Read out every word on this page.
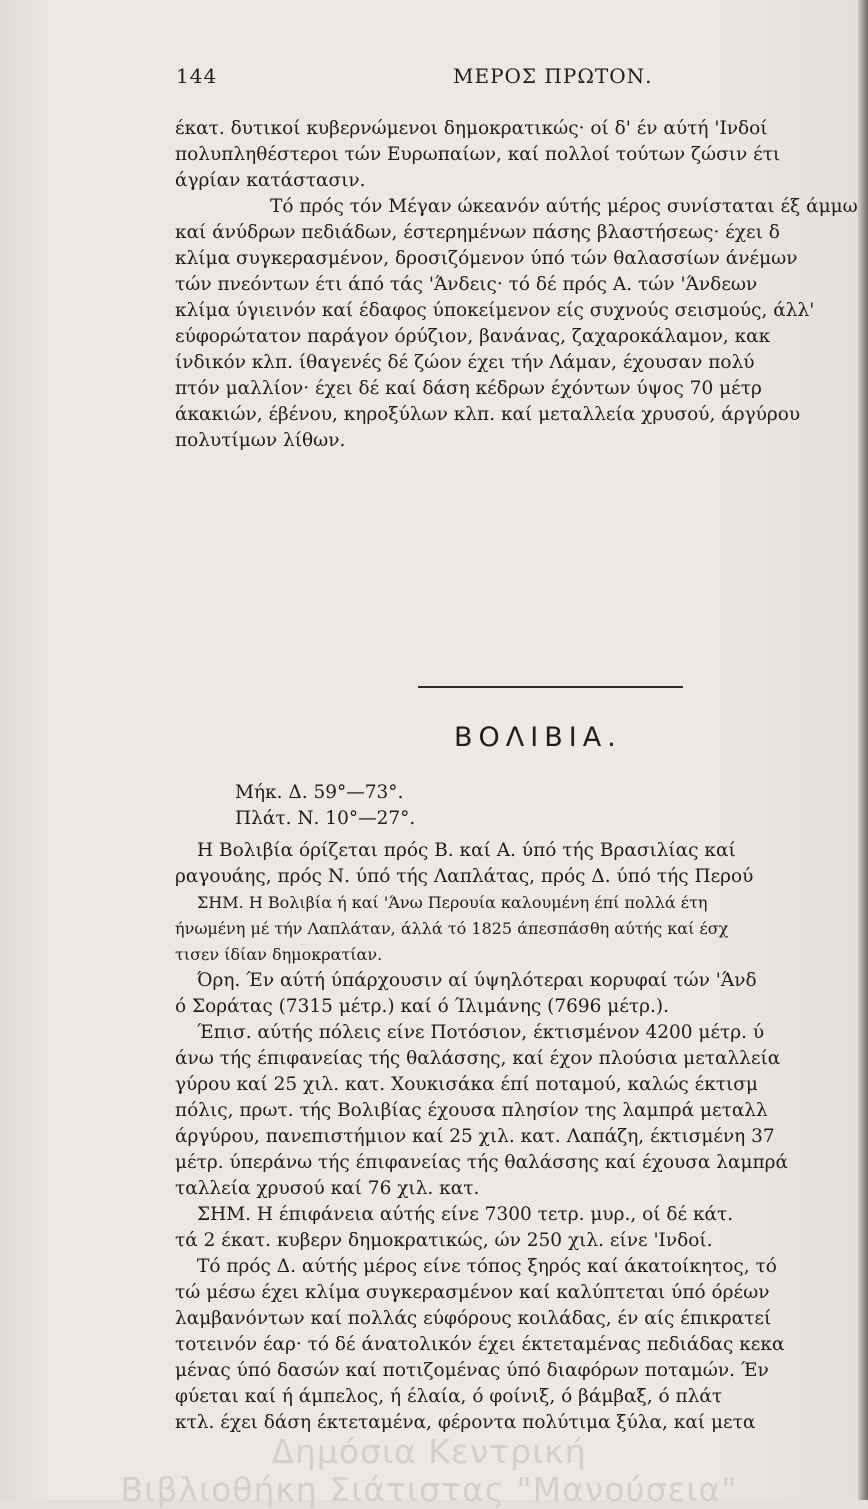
144	ΜΕΡΟΣ ΠΡΩΤΟΝ.
έκατ. δυτικοί κυβερνώμενοι δημοκρατικώς· οί δ' έν αύτή 'Ινδοί
πολυπληθέστεροι τών Ευρωπαίων, καί πολλοί τούτων ζώσιν έτι
άγρίαν κατάστασιν.
Τό πρός τόν Μέγαν ώκεανόν αύτής μέρος συνίσταται έξ άμμω
καί άνύδρων πεδιάδων, έστερημένων πάσης βλαστήσεως· έχει δ
κλίμα συγκερασμένον, δροσιζόμενον ύπό τών θαλασσίων άνέμων
τών πνεόντων έτι άπό τάς 'Άνδεις· τό δέ πρός Α. τών 'Άνδεων
κλίμα ύγιεινόν καί έδαφος ύποκείμενον είς συχνούς σεισμούς, άλλ'
εύφορώτατον παράγον όρύζιον, βανάνας, ζαχαροκάλαμον, κακ
ίνδικόν κλπ. ίθαγενές δέ ζώον έχει τήν Λάμαν, έχουσαν πολύ
πτόν μαλλίον· έχει δέ καί δάση κέδρων έχόντων ύψος 70 μέτρ
άκακιών, έβένου, κηροξύλων κλπ. καί μεταλλεία χρυσού, άργύρου
πολυτίμων λίθων.
ΒΟΛΙΒΙΑ.
Μήκ. Δ. 59°—73°.
Πλάτ. Ν. 10°—27°.
Η Βολιβία όρίζεται πρός Β. καί Α. ύπό τής Βρασιλίας καί
ραγουάης, πρός Ν. ύπό τής Λαπλάτας, πρός Δ. ύπό τής Περού
ΣΗΜ. Η Βολιβία ή καί 'Άνω Περουία καλουμένη έπί πολλά έτη
ήνωμένη μέ τήν Λαπλάταν, άλλά τό 1825 άπεσπάσθη αύτής καί έσχ
τισεν ίδίαν δημοκρατίαν.
Όρη. Έν αύτή ύπάρχουσιν αί ύψηλότεραι κορυφαί τών 'Άνδ
ό Σοράτας (7315 μέτρ.) καί ό Ίλιμάνης (7696 μέτρ.).
Έπισ. αύτής πόλεις είνε Ποτόσιον, έκτισμένον 4200 μέτρ. ύ
άνω τής έπιφανείας τής θαλάσσης, καί έχον πλούσια μεταλλεία
γύρου καί 25 χιλ. κατ. Χουκισάκα έπί ποταμού, καλώς έκτισμ
πόλις, πρωτ. τής Βολιβίας έχουσα πλησίον της λαμπρά μεταλλ
άργύρου, πανεπιστήμιον καί 25 χιλ. κατ. Λαπάζη, έκτισμένη 37
μέτρ. ύπεράνω τής έπιφανείας τής θαλάσσης καί έχουσα λαμπρά
ταλλεία χρυσού καί 76 χιλ. κατ.
ΣΗΜ. Η έπιφάνεια αύτής είνε 7300 τετρ. μυρ., οί δέ κάτ.
τά 2 έκατ. κυβερν δημοκρατικώς, ών 250 χιλ. είνε 'Ινδοί.
Τό πρός Δ. αύτής μέρος είνε τόπος ξηρός καί άκατοίκητος, τό
τώ μέσω έχει κλίμα συγκερασμένον καί καλύπτεται ύπό όρέων
λαμβανόντων καί πολλάς εύφόρους κοιλάδας, έν αίς έπικρατεί
τοτεινόν έαρ· τό δέ άνατολικόν έχει έκτεταμένας πεδιάδας κεκα
μένας ύπό δασών καί ποτιζομένας ύπό διαφόρων ποταμών. Έν
φύεται καί ή άμπελος, ή έλαία, ό φοίνιξ, ό βάμβαξ, ό πλάτ
κτλ. έχει δάση έκτεταμένα, φέροντα πολύτιμα ξύλα, καί μετα
Δημόσια Κεντρική
Βιβλιοθήκη Σιάτιστας "Μανούσεια"
